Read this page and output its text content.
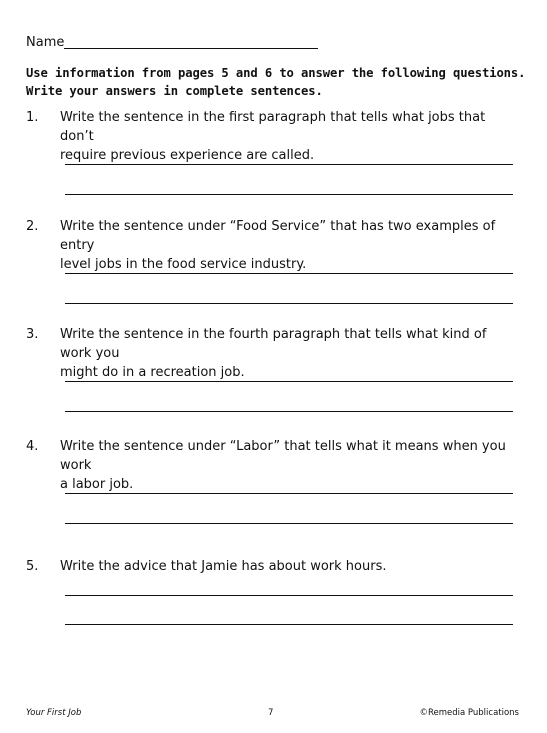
Name
Use information from pages 5 and 6 to answer the following questions.
Write your answers in complete sentences.
1. Write the sentence in the first paragraph that tells what jobs that don’t
require previous experience are called.
2. Write the sentence under “Food Service” that has two examples of entry
level jobs in the food service industry.
3. Write the sentence in the fourth paragraph that tells what kind of work you
might do in a recreation job.
4. Write the sentence under “Labor” that tells what it means when you work
a labor job.
5. Write the advice that Jamie has about work hours.
Your First Job	7	©Remedia Publications
